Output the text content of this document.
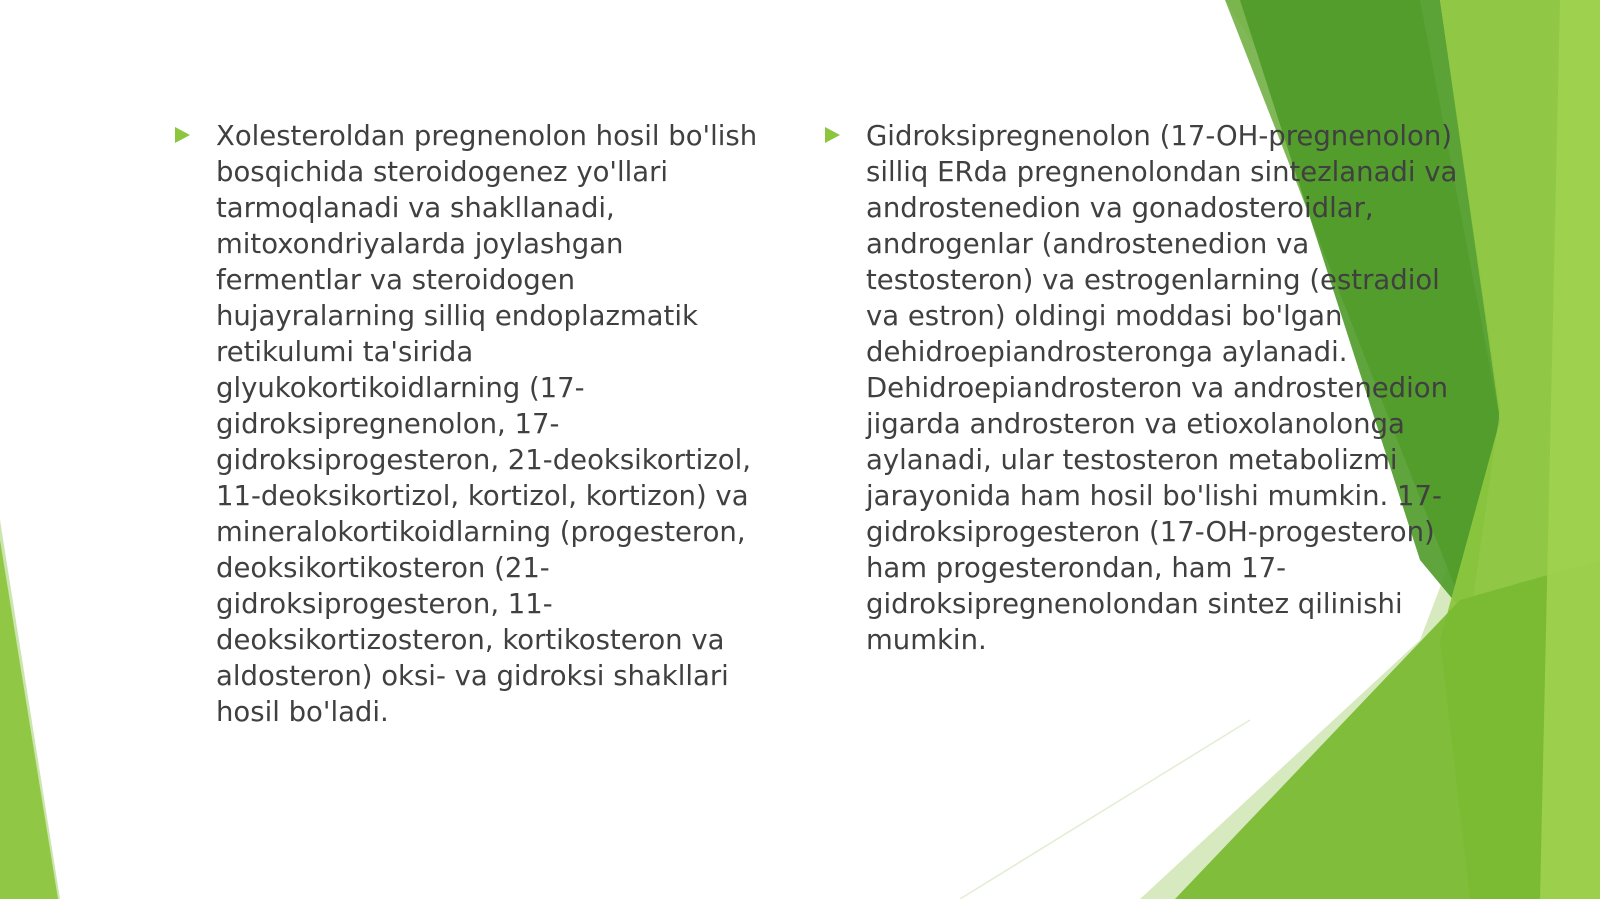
Xolesteroldan pregnenolon hosil bo'lish bosqichida steroidogenez yo'llari tarmoqlanadi va shakllanadi, mitoxondriyalarda joylashgan fermentlar va steroidogen hujayralarning silliq endoplazmatik retikulumi ta'sirida glyukokortikoidlarning (17-gidroksipregnenolon, 17-gidroksiprogesteron, 21-deoksikortizol, 11-deoksikortizol, kortizol, kortizon) va mineralokortikoidlarning (progesteron, deoksikortikosteron (21-gidroksiprogesteron, 11-deoksikortizosteron, kortikosteron va aldosteron) oksi- va gidroksi shakllari hosil bo'ladi.
Gidroksipregnenolon (17-OH-pregnenolon) silliq ERda pregnenolondan sintezlanadi va androstenedion va gonadosteroidlar, androgenlar (androstenedion va testosteron) va estrogenlarning (estradiol va estron) oldingi moddasi bo'lgan dehidroepiandrosteronga aylanadi. Dehidroepiandrosteron va androstenedion jigarda androsteron va etioxolanolonga aylanadi, ular testosteron metabolizmi jarayonida ham hosil bo'lishi mumkin. 17-gidroksiprogesteron (17-OH-progesteron) ham progesterondan, ham 17-gidroksipregnenolondan sintez qilinishi mumkin.
